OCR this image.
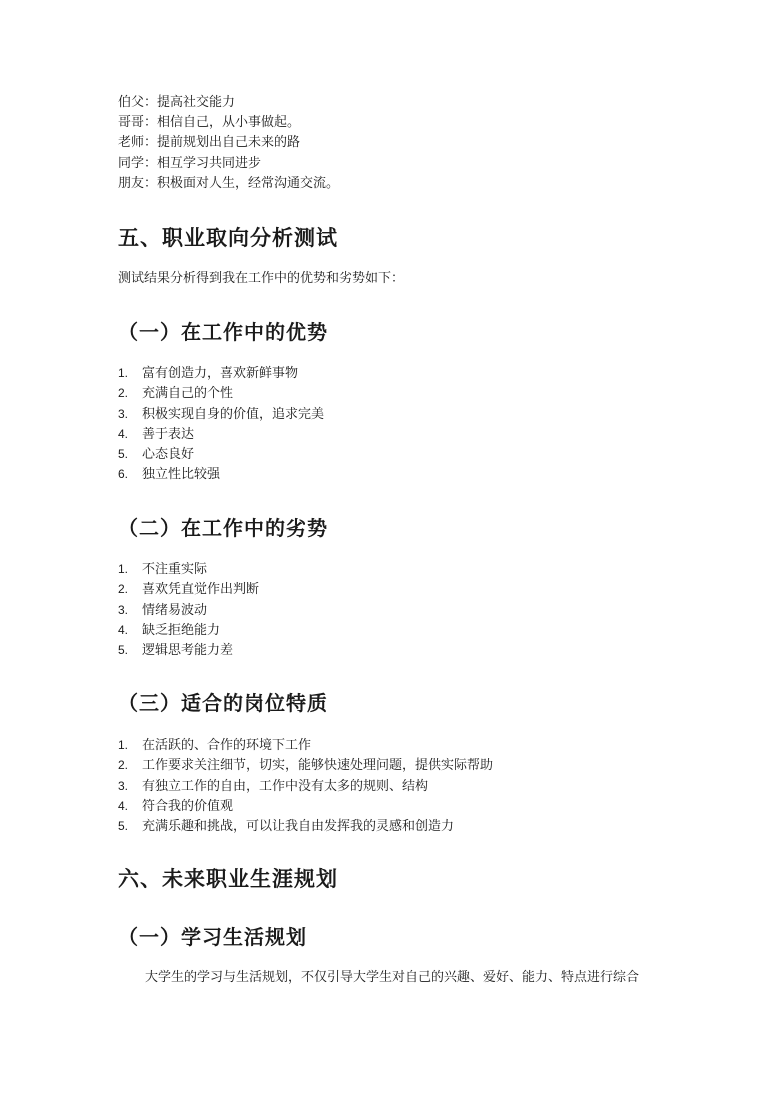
伯父：提高社交能力
哥哥：相信自己，从小事做起。
老师：提前规划出自己未来的路
同学：相互学习共同进步
朋友：积极面对人生，经常沟通交流。
五、职业取向分析测试
测试结果分析得到我在工作中的优势和劣势如下：
（一）在工作中的优势
1. 富有创造力，喜欢新鲜事物
2. 充满自己的个性
3. 积极实现自身的价值，追求完美
4. 善于表达
5. 心态良好
6. 独立性比较强
（二）在工作中的劣势
1. 不注重实际
2. 喜欢凭直觉作出判断
3. 情绪易波动
4. 缺乏拒绝能力
5. 逻辑思考能力差
（三）适合的岗位特质
1. 在活跃的、合作的环境下工作
2. 工作要求关注细节，切实，能够快速处理问题，提供实际帮助
3. 有独立工作的自由，工作中没有太多的规则、结构
4. 符合我的价值观
5. 充满乐趣和挑战，可以让我自由发挥我的灵感和创造力
六、未来职业生涯规划
（一）学习生活规划
大学生的学习与生活规划，不仅引导大学生对自己的兴趣、爱好、能力、特点进行综合
